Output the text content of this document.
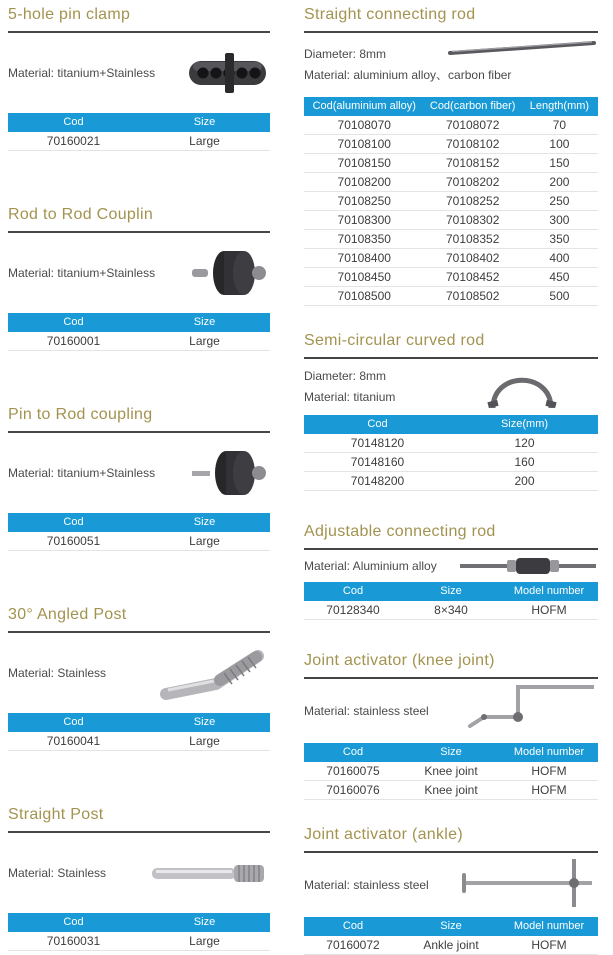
5-hole pin clamp

Material: titanium+Stainless

Cod	Size
70160021	Large
Rod to Rod Couplin

Material: titanium+Stainless

Cod	Size
70160001	Large
Pin to Rod coupling

Material: titanium+Stainless

Cod	Size
70160051	Large
30° Angled Post

Material: Stainless

Cod	Size
70160041	Large
Straight Post

Material: Stainless

Cod	Size
70160031	Large
Straight connecting rod

Diameter: 8mm

Material: aluminium alloy、carbon fiber

Cod(aluminium alloy)	Cod(carbon fiber)	Length(mm)
70108070	70108072	70
70108100	70108102	100
70108150	70108152	150
70108200	70108202	200
70108250	70108252	250
70108300	70108302	300
70108350	70108352	350
70108400	70108402	400
70108450	70108452	450
70108500	70108502	500
Semi-circular curved rod

Diameter: 8mm

Material: titanium

Cod	Size(mm)
70148120	120
70148160	160
70148200	200
Adjustable connecting rod

Material: Aluminium alloy

Cod	Size	Model number
70128340	8×340	HOFM
Joint activator (knee joint)

Material: stainless steel

Cod	Size	Model number
70160075	Knee joint	HOFM
70160076	Knee joint	HOFM
Joint activator (ankle)

Material: stainless steel

Cod	Size	Model number
70160072	Ankle joint	HOFM
